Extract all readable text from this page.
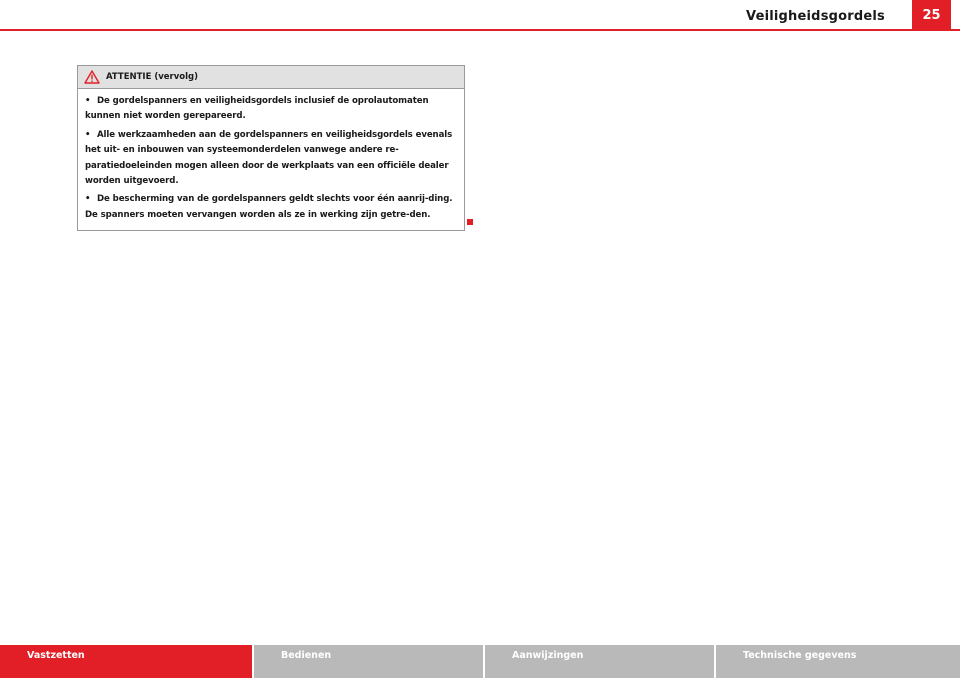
Veiligheidsgordels	25
ATTENTIE (vervolg)

• De gordelspanners en veiligheidsgordels inclusief de oprolautomaten kunnen niet worden gerepareerd.

• Alle werkzaamheden aan de gordelspanners en veiligheidsgordels evenals het uit- en inbouwen van systeemonderdelen vanwege andere re-paratiedoeleinden mogen alleen door de werkplaats van een officiële dealer worden uitgevoerd.

• De bescherming van de gordelspanners geldt slechts voor één aanrij-ding. De spanners moeten vervangen worden als ze in werking zijn getre-den.

Vastzetten	Bedienen	Aanwijzingen	Technische gegevens
